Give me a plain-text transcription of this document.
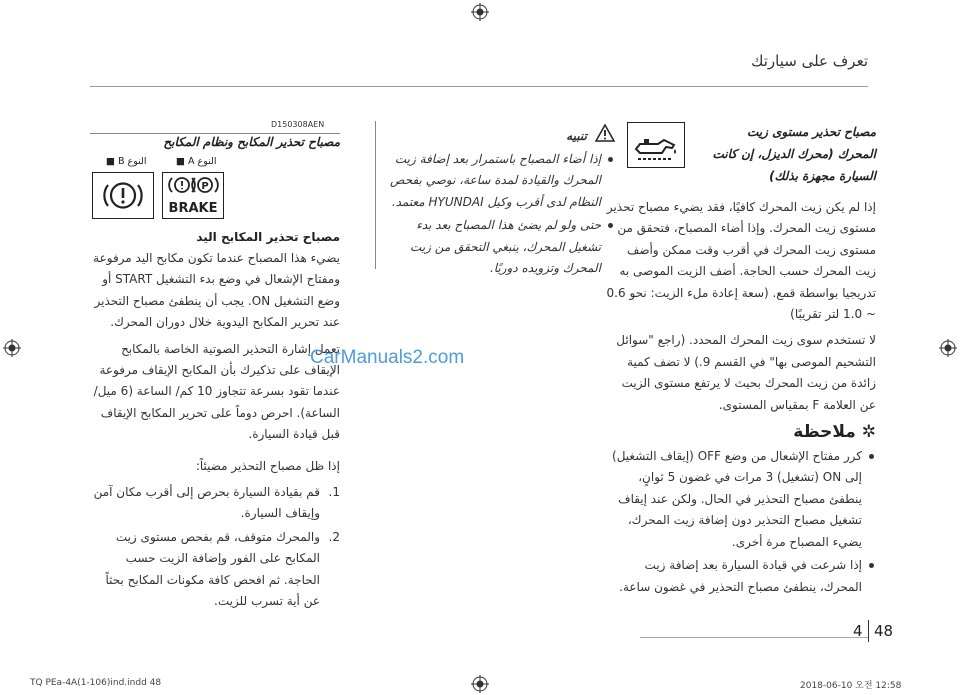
تعرف على سيارتك
مصباح تحذير مستوى زيت
المحرك (محرك الديزل، إن كانت
السيارة مجهزة بذلك)

إذا لم يكن زيت المحرك كافيًا، فقد يضيء مصباح تحذير مستوى زيت المحرك. وإذا أضاء المصباح، فتحقق من مستوى زيت المحرك في أقرب وقت ممكن وأضف زيت المحرك حسب الحاجة. أضف الزيت الموصى به تدريجيا بواسطة قمع. (سعة إعادة ملء الزيت: نحو 0.6 ~ 1.0 لتر تقريبًا)

لا تستخدم سوى زيت المحرك المحدد. (راجع "سوائل التشحيم الموصى بها" في القسم 9.) لا تضف كمية زائدة من زيت المحرك بحيث لا يرتفع مستوى الزيت عن العلامة F بمقياس المستوى.

✲ ملاحظة
كرر مفتاح الإشعال من وضع OFF (إيقاف التشغيل) إلى ON (تشغيل) 3 مرات في غضون 5 ثوانٍ، ينطفئ مصباح التحذير في الحال. ولكن عند إيقاف تشغيل مصباح التحذير دون إضافة زيت المحرك، يضيء المصباح مرة أخرى.
إذا شرعت في قيادة السيارة بعد إضافة زيت المحرك، ينطفئ مصباح التحذير في غضون ساعة.
تنبيه
إذا أضاء المصباح باستمرار بعد إضافة زيت المحرك والقيادة لمدة ساعة، نوصي بفحص النظام لدى أقرب وكيل HYUNDAI معتمد.
حتى ولو لم يضئ هذا المصباح بعد بدء تشغيل المحرك، ينبغي التحقق من زيت المحرك وتزويده دوريًا.
D150308AEN
مصباح تحذير المكابح ونظام المكابح
النوع B ■	النوع A ■
P
BRAKE
مصباح تحذير المكابح اليد

يضيء هذا المصباح عندما تكون مكابح اليد مرفوعة ومفتاح الإشعال في وضع بدء التشغيل START أو وضع التشغيل ON. يجب أن ينطفئ مصباح التحذير عند تحرير المكابح اليدوية خلال دوران المحرك.

تعمل إشارة التحذير الصوتية الخاصة بالمكابح الإيقاف على تذكيرك بأن المكابح الإيقاف مرفوعة عندما تقود بسرعة تتجاوز 10 كم/ الساعة (6 ميل/ الساعة). احرص دوماً على تحرير المكابح الإيقاف قبل قيادة السيارة.

إذا ظل مصباح التحذير مضيئاً:

1.
قم بقيادة السيارة بحرص إلى أقرب مكان آمن وإيقاف السيارة.
2.
والمحرك متوقف، قم بفحص مستوى زيت المكابح على الفور وإضافة الزيت حسب الحاجة. ثم افحص كافة مكونات المكابح بحثاً عن أية تسرب للزيت.
CarManuals2.com
4 48
TQ PEa-4A(1-106)ind.indd 48	2018-06-10 오전 12:58
